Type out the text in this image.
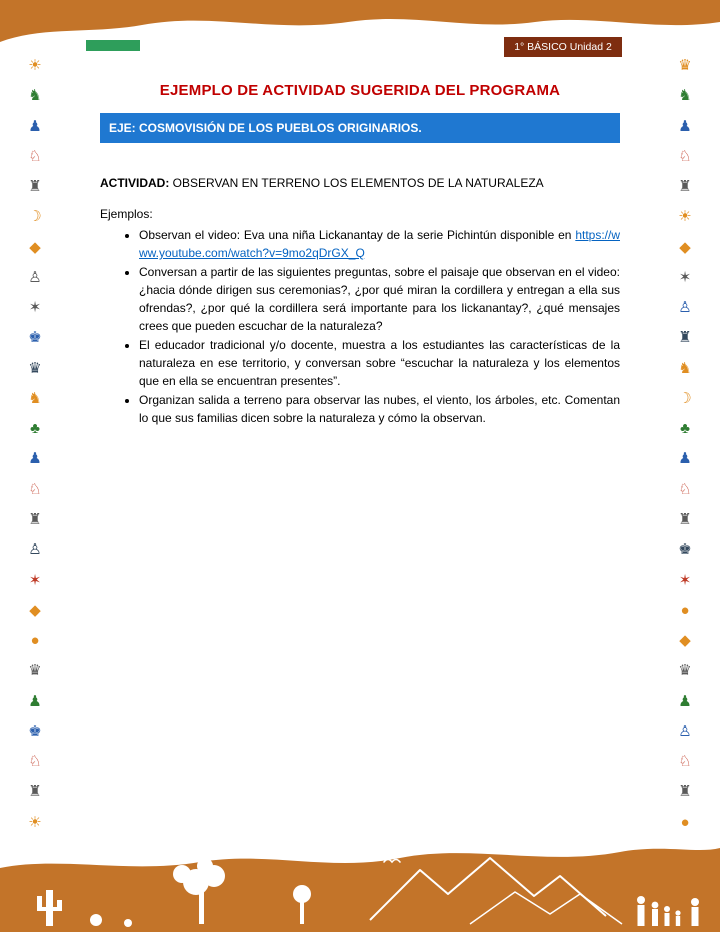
1° BÁSICO Unidad 2
☀
♞
♟
♘
♜
☽
◆
♙
✶
♚
♛
♞
♣
♟
♘
♜
♙
✶
◆
●
♛
♟
♚
♘
♜
☀
♛
♞
♟
♘
♜
☀
◆
✶
♙
♜
♞
☽
♣
♟
♘
♜
♚
✶
●
◆
♛
♟
♙
♘
♜
●
EJEMPLO DE ACTIVIDAD SUGERIDA DEL PROGRAMA
EJE: COSMOVISIÓN DE LOS PUEBLOS ORIGINARIOS.

ACTIVIDAD: OBSERVAN EN TERRENO LOS ELEMENTOS DE LA NATURALEZA

Ejemplos:

• Observan el video: Eva una niña Lickanantay de la serie Pichintún disponible en https://www.youtube.com/watch?v=9mo2qDrGX_Q
• Conversan a partir de las siguientes preguntas, sobre el paisaje que observan en el video: ¿hacia dónde dirigen sus ceremonias?, ¿por qué miran la cordillera y entregan a ella sus ofrendas?, ¿por qué la cordillera será importante para los lickanantay?, ¿qué mensajes crees que pueden escuchar de la naturaleza?
• El educador tradicional y/o docente, muestra a los estudiantes las características de la naturaleza en ese territorio, y conversan sobre “escuchar la naturaleza y los elementos que en ella se encuentran presentes”.
• Organizan salida a terreno para observar las nubes, el viento, los árboles, etc. Comentan lo que sus familias dicen sobre la naturaleza y cómo la observan.
